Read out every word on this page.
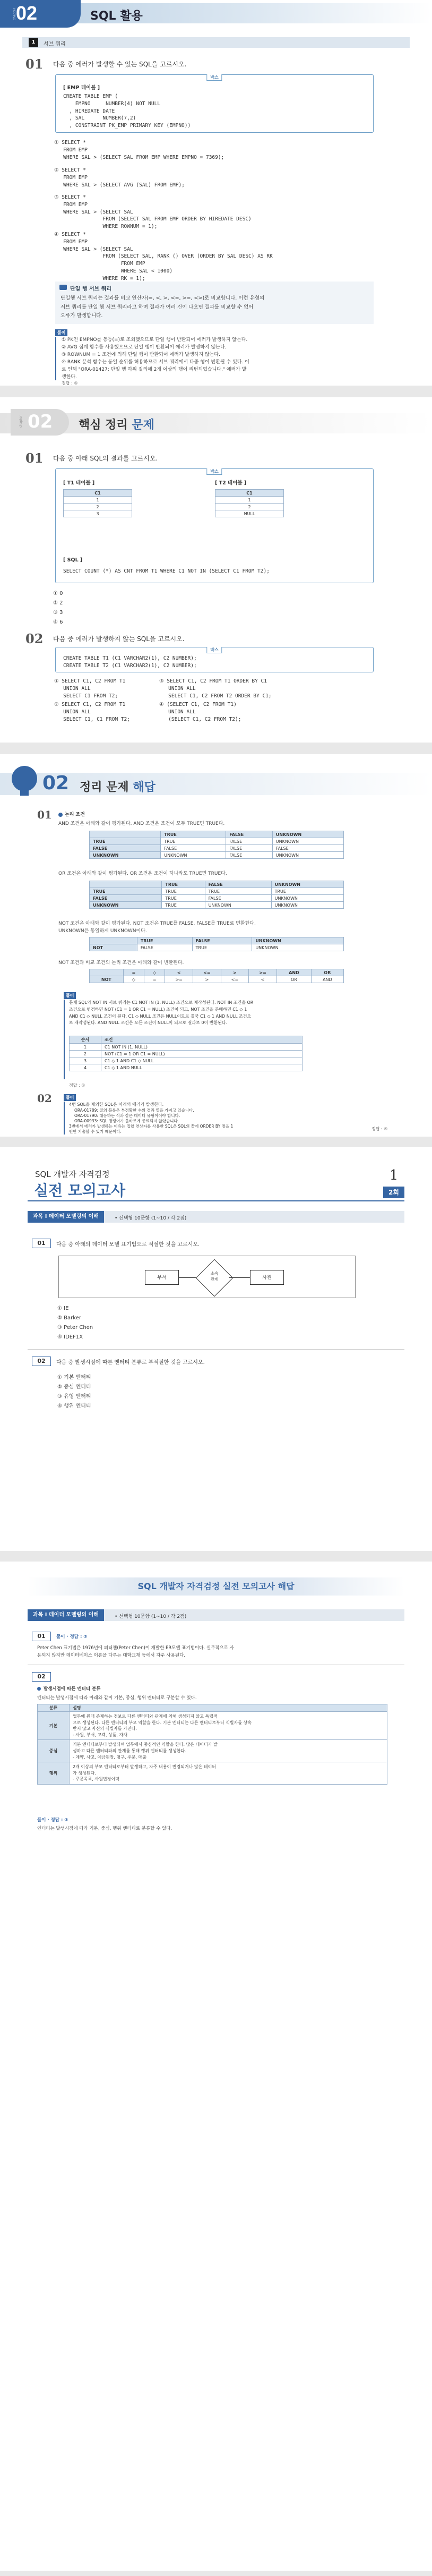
chapter
02	SQL 활용
1	서브 쿼리
01 다음 중 에러가 발생할 수 있는 SQL을 고르시오.
박스
[ EMP 테이블 ]
CREATE TABLE EMP (
EMPNO     NUMBER(4) NOT NULL
, HIREDATE DATE
, SAL      NUMBER(7,2)
, CONSTRAINT PK_EMP PRIMARY KEY (EMPNO))
① SELECT *
FROM EMP
WHERE SAL > (SELECT SAL FROM EMP WHERE EMPNO = 7369);
② SELECT *
FROM EMP
WHERE SAL > (SELECT AVG (SAL) FROM EMP);
③ SELECT *
FROM EMP
WHERE SAL > (SELECT SAL
FROM (SELECT SAL FROM EMP ORDER BY HIREDATE DESC)
WHERE ROWNUM = 1);
④ SELECT *
FROM EMP
WHERE SAL > (SELECT SAL
FROM (SELECT SAL, RANK () OVER (ORDER BY SAL DESC) AS RK
FROM EMP
WHERE SAL < 1000)
WHERE RK = 1);
단일 행 서브 쿼리
단일행 서브 쿼리는 결과를 비교 연산자(=, <, >, <=, >=, <>)로 비교합니다. 이런 유형의
서브 쿼리를 단일 행 서브 쿼리라고 하며 결과가 여러 건이 나오면 결과를 비교할 수 없어
오류가 발생합니다.
풀이
① PK인 EMPNO를 동등(=)로 조회했으므로 단일 행이 반환되어 에러가 발생하지 않는다.
② AVG 집계 함수를 사용했으므로 단일 행이 반환되어 에러가 발생하지 않는다.
③ ROWNUM = 1 조건에 의해 단일 행이 반환되어 에러가 발생하지 않는다.
④ RANK 분석 함수는 동일 순위를 허용하므로 서브 쿼리에서 다중 행이 반환될 수 있다. 이
로 인해 "ORA-01427: 단일 행 하위 질의에 2개 이상의 행이 리턴되었습니다." 에러가 발
생한다.
정답 : ④
chapter 02 핵심 정리 문제
01 다음 중 아래 SQL의 결과를 고르시오.
박스
[ T1 테이블 ]
C1
1
2
3
[ T2 테이블 ]
C1
1
2
NULL
[ SQL ]
SELECT COUNT (*) AS CNT FROM T1 WHERE C1 NOT IN (SELECT C1 FROM T2);
① 0
② 2
③ 3
④ 6
02 다음 중 에러가 발생하지 않는 SQL을 고르시오.
박스
CREATE TABLE T1 (C1 VARCHAR2(1), C2 NUMBER);
CREATE TABLE T2 (C1 VARCHAR2(1), C2 NUMBER);
① SELECT C1, C2 FROM T1
UNION ALL
SELECT C1 FROM T2;
② SELECT C1, C2 FROM T1
UNION ALL
SELECT C1, C1 FROM T2;
③ SELECT C1, C2 FROM T1 ORDER BY C1
UNION ALL
SELECT C1, C2 FROM T2 ORDER BY C1;
④ (SELECT C1, C2 FROM T1)
UNION ALL
(SELECT C1, C2 FROM T2);
02 정리 문제 해답
01	논리 조건
AND 조건은 아래와 같이 평가된다. AND 조건은 조건이 모두 TRUE면 TRUE다.
	TRUE	FALSE	UNKNOWN
TRUE	TRUE	FALSE	UNKNOWN
FALSE	FALSE	FALSE	FALSE
UNKNOWN	UNKNOWN	FALSE	UNKNOWN
OR 조건은 아래와 같이 평가된다. OR 조건은 조건이 하나라도 TRUE면 TRUE다.
	TRUE	FALSE	UNKNOWN
TRUE	TRUE	TRUE	TRUE
FALSE	TRUE	FALSE	UNKNOWN
UNKNOWN	TRUE	UNKNOWN	UNKNOWN
NOT 조건은 아래와 같이 평가된다. NOT 조건은 TRUE를 FALSE, FALSE를 TRUE로 변환한다.
UNKNOWN은 동일하게 UNKNOWN이다.
	TRUE	FALSE	UNKNOWN
NOT	FALSE	TRUE	UNKNOWN
NOT 조건과 비교 조건의 논리 조건은 아래와 같이 변환된다.
	=	◇	<	<=	>	>=	AND	OR
NOT	◇	=	>=	>	<=	<	OR	AND
풀이
문제 SQL의 NOT IN 서브 쿼리는 C1 NOT IN (1, NULL) 조건으로 재작성된다. NOT IN 조건을 OR
조건으로 변경하면 NOT (C1 = 1 OR C1 = NULL) 조건이 되고, NOT 조건을 분배하면 C1 ◇ 1
AND C1 ◇ NULL 조건이 된다. C1 ◇ NULL 조건은 NULL이므로 결국 C1 ◇ 1 AND NULL 조건으
로 재작성된다. AND NULL 조건은 모든 조건이 NULL이 되므로 결과로 0이 반환된다.
순서	조건
1	C1 NOT IN (1, NULL)
2	NOT (C1 = 1 OR C1 = NULL)
3	C1 ◇ 1 AND C1 ◇ NULL
4	C1 ◇ 1 AND NULL
정답 : ①
02	풀이
4번 SQL을 제외한 SQL은 아래의 에러가 발생한다.
ORA-01789: 질의 블록은 부정확한 수의 결과 열을 가지고 있습니다.
ORA-01790: 대응하는 식과 같은 데이터 유형이어야 합니다.
ORA-00933: SQL 명령어가 올바르게 종료되지 않았습니다.
3번에서 에러가 발생하는 이유는 집합 연산자를 사용한 SQL은 SQL의 끝에 ORDER BY 절을 1
번만 기술할 수 있기 때문이다.
정답 : ④
SQL 개발자 자격검정
실전 모의고사
1
2회
과목 I 데이터 모델링의 이해	• 선택형 10문항 (1~10 / 각 2점)
01	다음 중 아래의 데이터 모델 표기법으로 적절한 것을 고르시오.
부서
소속
관계	사원
① IE
② Barker
③ Peter Chen
④ IDEF1X
02	다음 중 발생시점에 따른 엔터티 분류로 부적절한 것을 고르시오.
① 기본 엔터티
② 중심 엔터티
③ 유형 엔터티
④ 행위 엔터티
SQL 개발자 자격검정 실전 모의고사 해답
과목 I 데이터 모델링의 이해	• 선택형 10문항 (1~10 / 각 2점)
01	풀이 · 정답 : ③
Peter Chen 표기법은 1976년에 피터첸(Peter Chen)이 개발한 ER모델 표기법이다. 실무적으로 사
용되지 않지만 데이터베이스 이론을 다루는 대학교재 등에서 자주 사용된다.
02
발생시점에 따른 엔터티 분류
엔터티는 발생시점에 따라 아래와 같이 기본, 중심, 행위 엔터티로 구분할 수 있다.
분류	설명
기본	업무에 원래 존재하는 정보로 다른 엔터티와 관계에 의해 생성되지 않고 독립적
으로 생성된다. 다른 엔터티의 부모 역할을 한다. 기본 엔터티는 다른 엔터티로부터 식별자를 상속
받지 않고 자신의 식별자를 가진다.
- 사원, 부서, 고객, 상품, 자재

중심	기본 엔터티로부터 발생되며 업무에서 중심적인 역할을 한다. 많은 데이터가 발
생하고 다른 엔터티와의 관계를 통해 행위 엔터티를 생성한다.
- 계약, 사고, 예금원장, 청구, 주문, 매출

행위	2개 이상의 부모 엔터티로부터 발생하고, 자주 내용이 변경되거나 많은 데이터
가 생성된다.
- 주문목록, 사원변경이력
풀이 · 정답 : ③
엔터티는 발생시점에 따라 기본, 중심, 행위 엔터티로 분류할 수 있다.
